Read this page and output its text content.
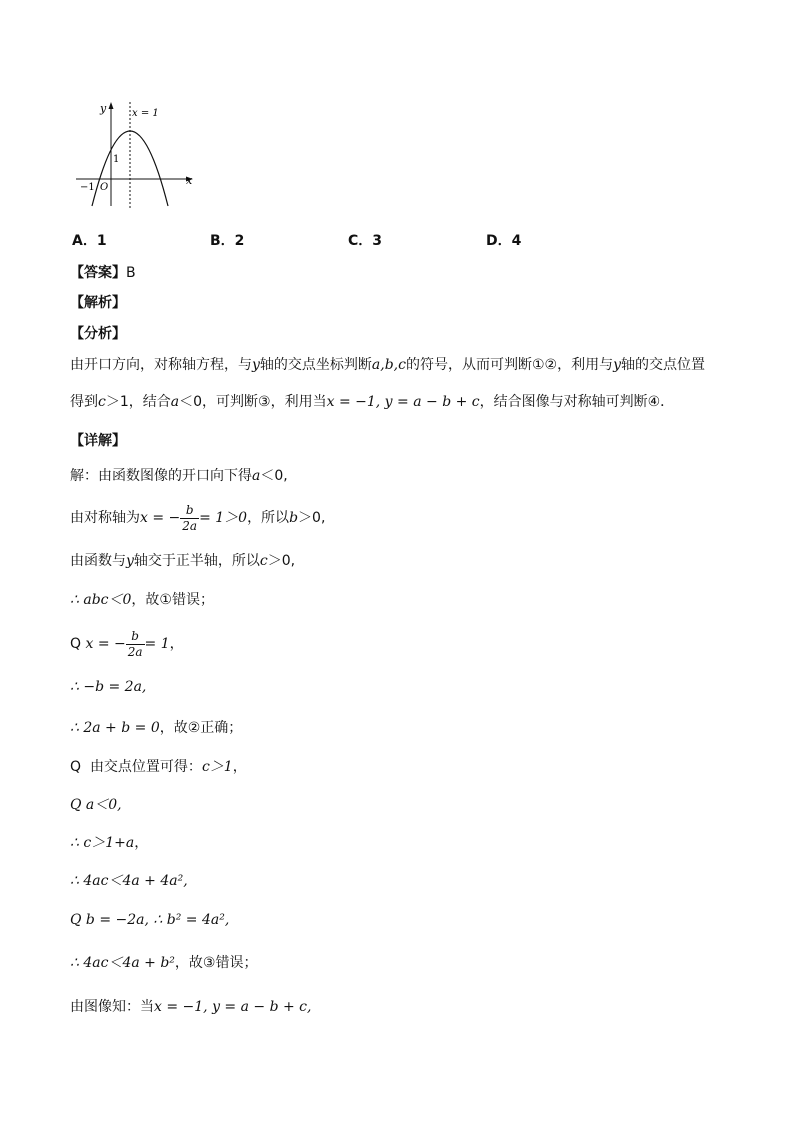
y
x
x = 1
1
−1 O
A．1	B．2	C．3	D．4
【答案】B
【解析】
【分析】
由开口方向，对称轴方程，与y轴的交点坐标判断a,b,c的符号，从而可判断①②，利用与y轴的交点位置
得到c＞1，结合a＜0，可判断③，利用当x = −1, y = a − b + c，结合图像与对称轴可判断④．
【详解】
解：由函数图像的开口向下得a＜0,
由对称轴为x = − $\frac{b}{2a} = 1>0$，所以b＞0,
由函数与y轴交于正半轴，所以c＞0,
∴ abc＜0，故①错误；
Q x = − $\frac{b}{2a} = 1$，
∴ −b = 2a,
∴ 2a + b = 0，故②正确；
Q 由交点位置可得：c＞1，
Q a＜0,
∴ c＞1+a，
∴ 4ac＜4a + 4a²,
Q b = −2a, ∴ b² = 4a²,
∴ 4ac＜4a + b²，故③错误；
由图像知：当x = −1, y = a − b + c,
